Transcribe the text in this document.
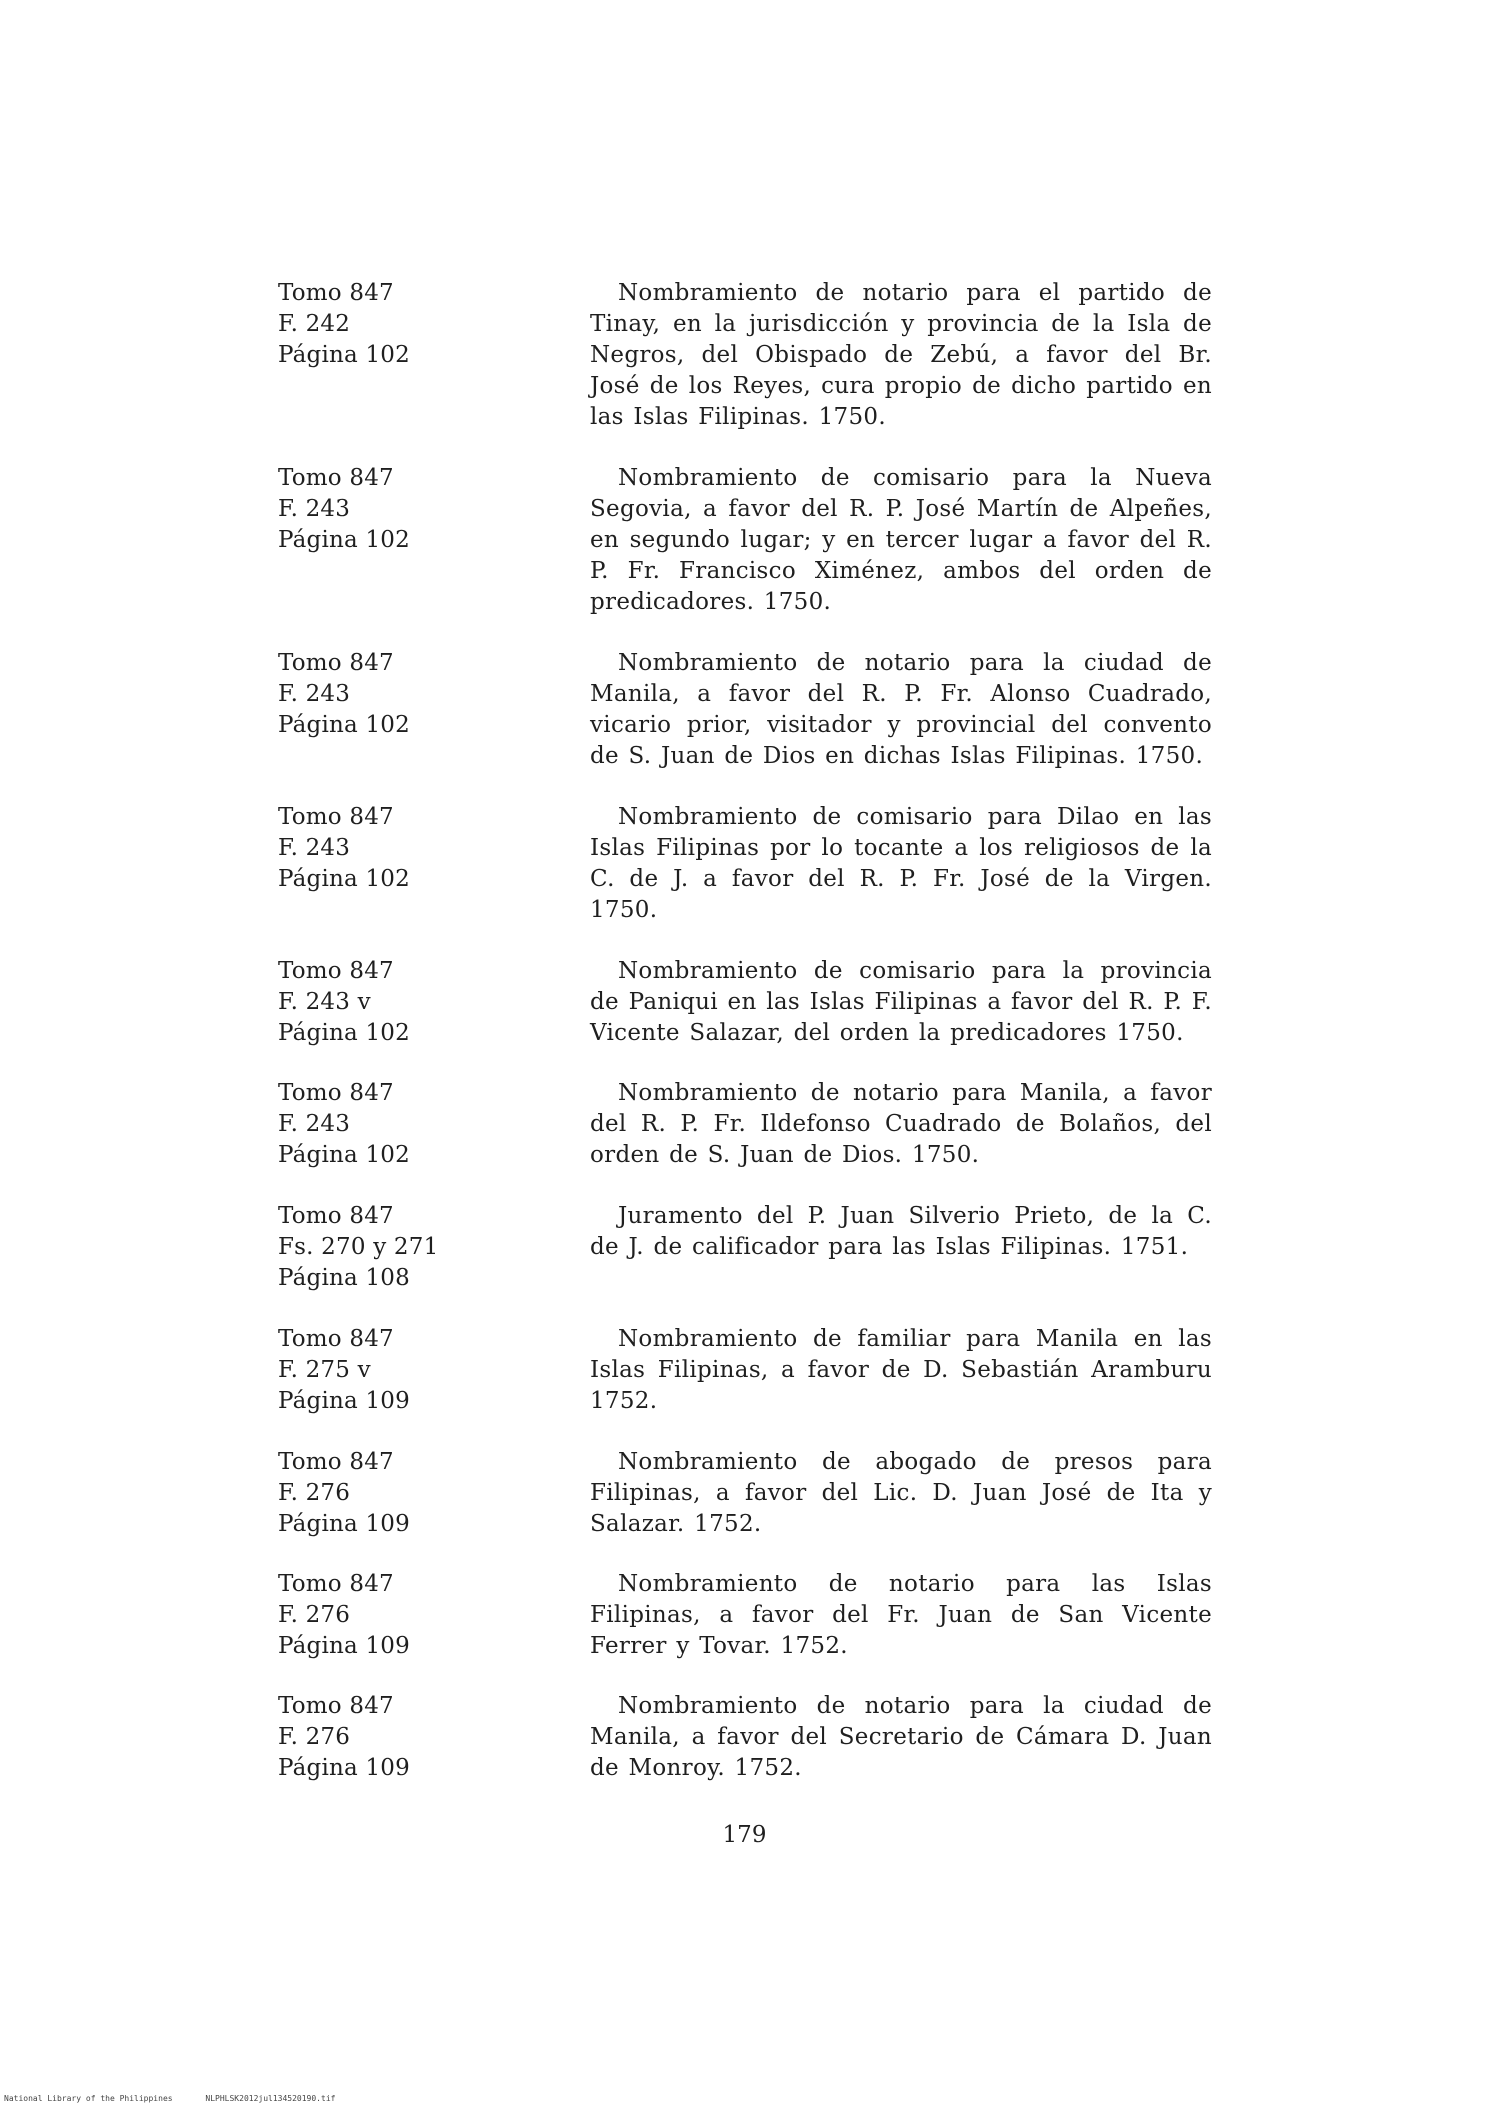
Tomo 847
F. 242
Página 102
Nombramiento de notario para el partido de Tinay, en la jurisdicción y provincia de la Isla de Negros, del Obispado de Zebú, a favor del Br. José de los Reyes, cura propio de dicho partido en las Islas Filipinas. 1750.
Tomo 847
F. 243
Página 102
Nombramiento de comisario para la Nueva Segovia, a favor del R. P. José Martín de Alpeñes, en segundo lugar; y en tercer lugar a favor del R. P. Fr. Francisco Ximénez, ambos del orden de predicadores. 1750.
Tomo 847
F. 243
Página 102
Nombramiento de notario para la ciudad de Manila, a favor del R. P. Fr. Alonso Cuadrado, vicario prior, visitador y provincial del convento de S. Juan de Dios en dichas Islas Filipinas. 1750.
Tomo 847
F. 243
Página 102
Nombramiento de comisario para Dilao en las Islas Filipinas por lo tocante a los religiosos de la C. de J. a favor del R. P. Fr. José de la Virgen. 1750.
Tomo 847
F. 243 v
Página 102
Nombramiento de comisario para la provincia de Paniqui en las Islas Filipinas a favor del R. P. F. Vicente Salazar, del orden la predicadores 1750.
Tomo 847
F. 243
Página 102
Nombramiento de notario para Manila, a favor del R. P. Fr. Ildefonso Cuadrado de Bolaños, del orden de S. Juan de Dios. 1750.
Tomo 847
Fs. 270 y 271
Página 108
Juramento del P. Juan Silverio Prieto, de la C. de J. de calificador para las Islas Filipinas. 1751.
Tomo 847
F. 275 v
Página 109
Nombramiento de familiar para Manila en las Islas Filipinas, a favor de D. Sebastián Aramburu 1752.
Tomo 847
F. 276
Página 109
Nombramiento de abogado de presos para Filipinas, a favor del Lic. D. Juan José de Ita y Salazar. 1752.
Tomo 847
F. 276
Página 109
Nombramiento de notario para las Islas Filipinas, a favor del Fr. Juan de San Vicente Ferrer y Tovar. 1752.
Tomo 847
F. 276
Página 109
Nombramiento de notario para la ciudad de Manila, a favor del Secretario de Cámara D. Juan de Monroy. 1752.
179
National Library of the Philippines	NLPHLSK2012jul134520190.tif
